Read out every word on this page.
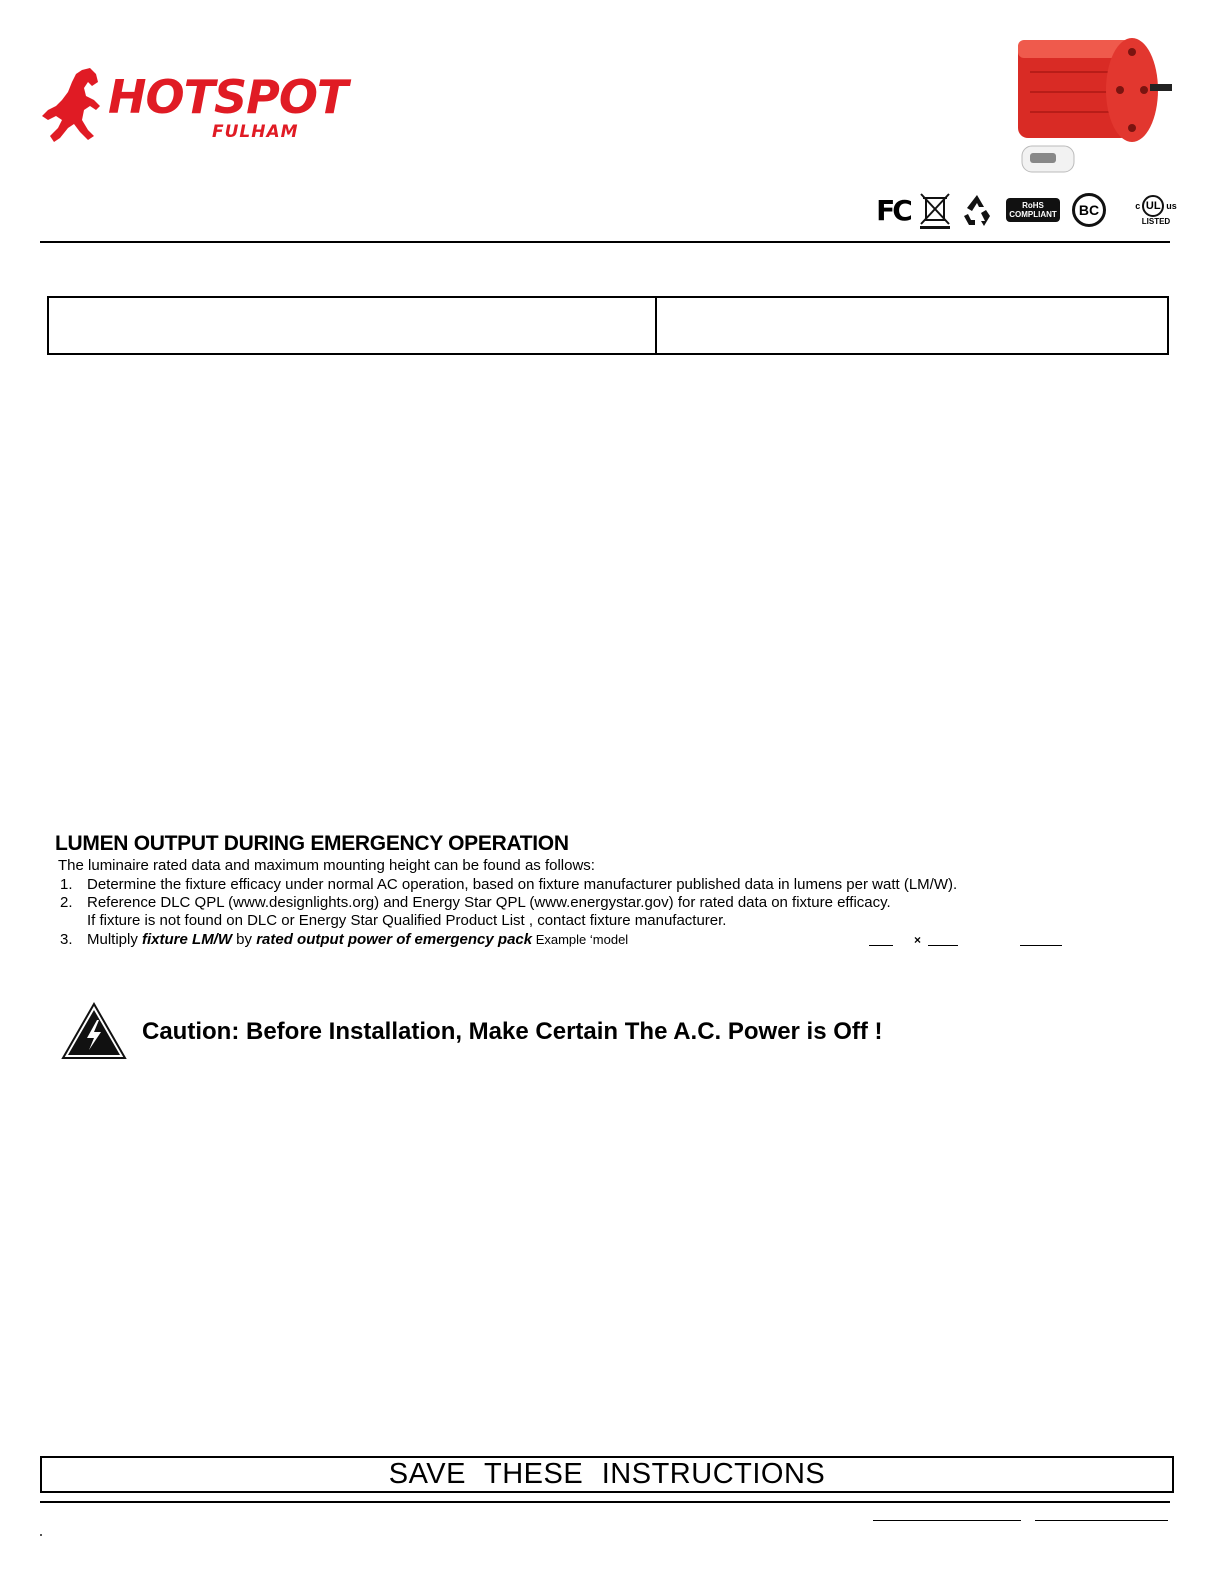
HOTSPOT
FULHAM
FC	RoHS
COMPLIANT	BC	c UL us
LISTED
LUMEN OUTPUT DURING EMERGENCY OPERATION
The luminaire rated data and maximum mounting height can be found as follows:
1. Determine the fixture efficacy under normal AC operation, based on fixture manufacturer published data in lumens per watt (LM/W).
2. Reference DLC QPL (www.designlights.org) and Energy Star QPL (www.energystar.gov) for rated data on fixture efficacy.
If fixture is not found on DLC or Energy Star Qualified Product List , contact fixture manufacturer.
3. Multiply fixture LM/W by rated output power of emergency pack Example ‘model	×
Caution: Before Installation, Make Certain The A.C. Power is Off !
SAVE THESE INSTRUCTIONS
